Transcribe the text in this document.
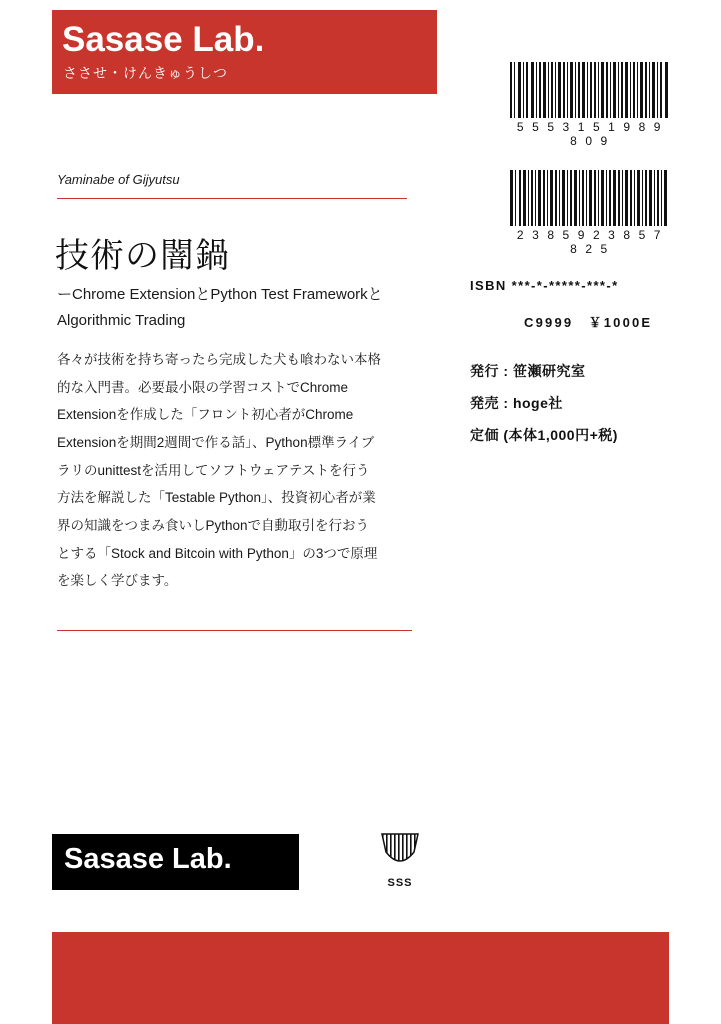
Sasase Lab.
ささせ・けんきゅうしつ
5 5 5 3 1 5 1 9 8 9 8 0 9
2 3 8 5 9 2 3 8 5 7 8 2 5
Yaminabe of Gijyutsu
技術の闇鍋
ーChrome ExtensionとPython Test Frameworkと Algorithmic Trading
各々が技術を持ち寄ったら完成した犬も喰わない本格的な入門書。必要最小限の学習コストでChrome Extensionを作成した「フロント初心者がChrome Extensionを期間2週間で作る話」、Python標準ライブラリのunittestを活用してソフトウェアテストを行う方法を解説した「Testable Python」、投資初心者が業界の知識をつまみ食いしPythonで自動取引を行おうとする「Stock and Bitcoin with Python」の3つで原理を楽しく学びます。
ISBN ***-*-*****-***-*
C9999　￥1000E
発行 : 笹瀬研究室
発売 : hoge社
定価 (本体1,000円+税)
Sasase Lab.
SSS
